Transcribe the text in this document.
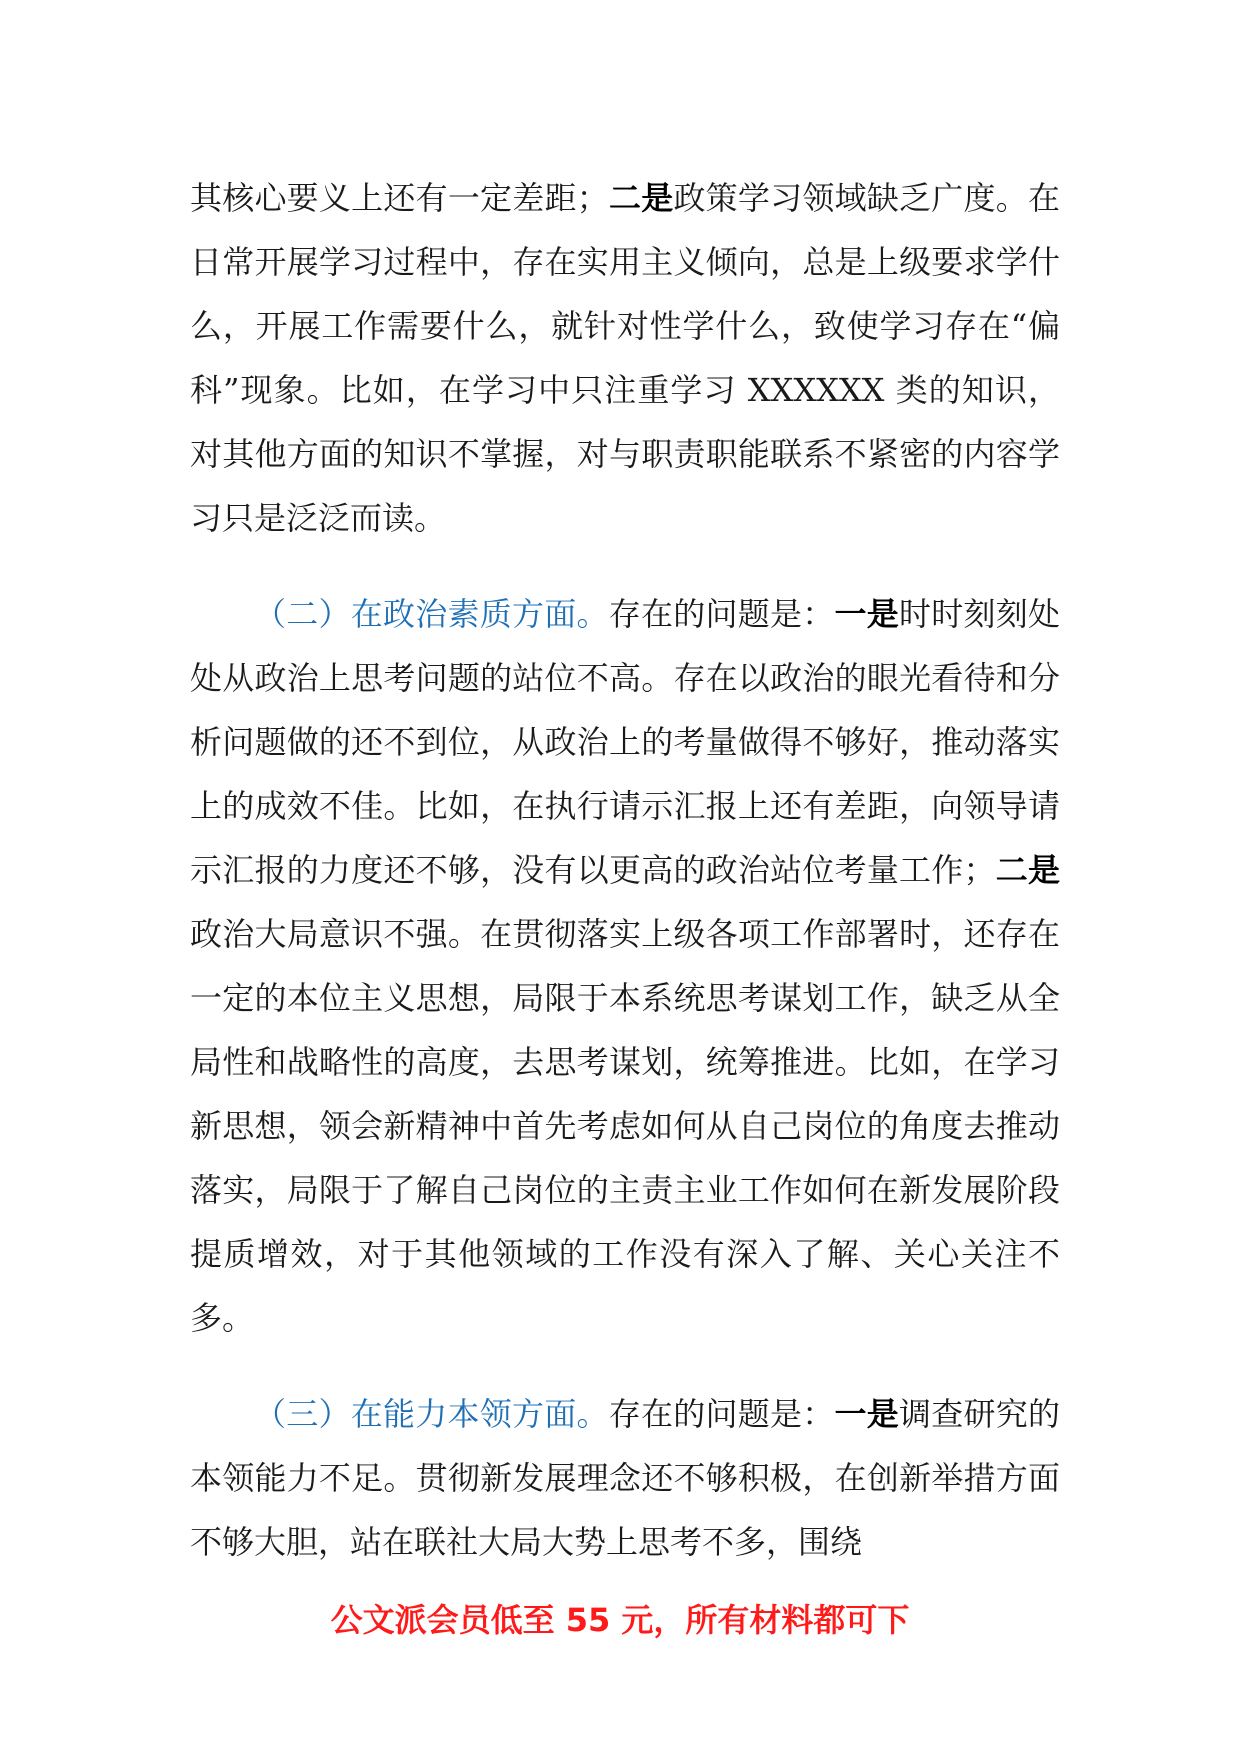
其核心要义上还有一定差距；二是政策学习领域缺乏广度。在日常开展学习过程中，存在实用主义倾向，总是上级要求学什么，开展工作需要什么，就针对性学什么，致使学习存在“偏科”现象。比如，在学习中只注重学习 XXXXXX 类的知识，对其他方面的知识不掌握，对与职责职能联系不紧密的内容学习只是泛泛而读。

（二）在政治素质方面。存在的问题是：一是时时刻刻处处从政治上思考问题的站位不高。存在以政治的眼光看待和分析问题做的还不到位，从政治上的考量做得不够好，推动落实上的成效不佳。比如，在执行请示汇报上还有差距，向领导请示汇报的力度还不够，没有以更高的政治站位考量工作；二是政治大局意识不强。在贯彻落实上级各项工作部署时，还存在一定的本位主义思想，局限于本系统思考谋划工作，缺乏从全局性和战略性的高度，去思考谋划，统筹推进。比如，在学习新思想，领会新精神中首先考虑如何从自己岗位的角度去推动落实，局限于了解自己岗位的主责主业工作如何在新发展阶段提质增效，对于其他领域的工作没有深入了解、关心关注不多。

（三）在能力本领方面。存在的问题是：一是调查研究的本领能力不足。贯彻新发展理念还不够积极，在创新举措方面不够大胆，站在联社大局大势上思考不多，围绕

公文派会员低至 55 元，所有材料都可下
